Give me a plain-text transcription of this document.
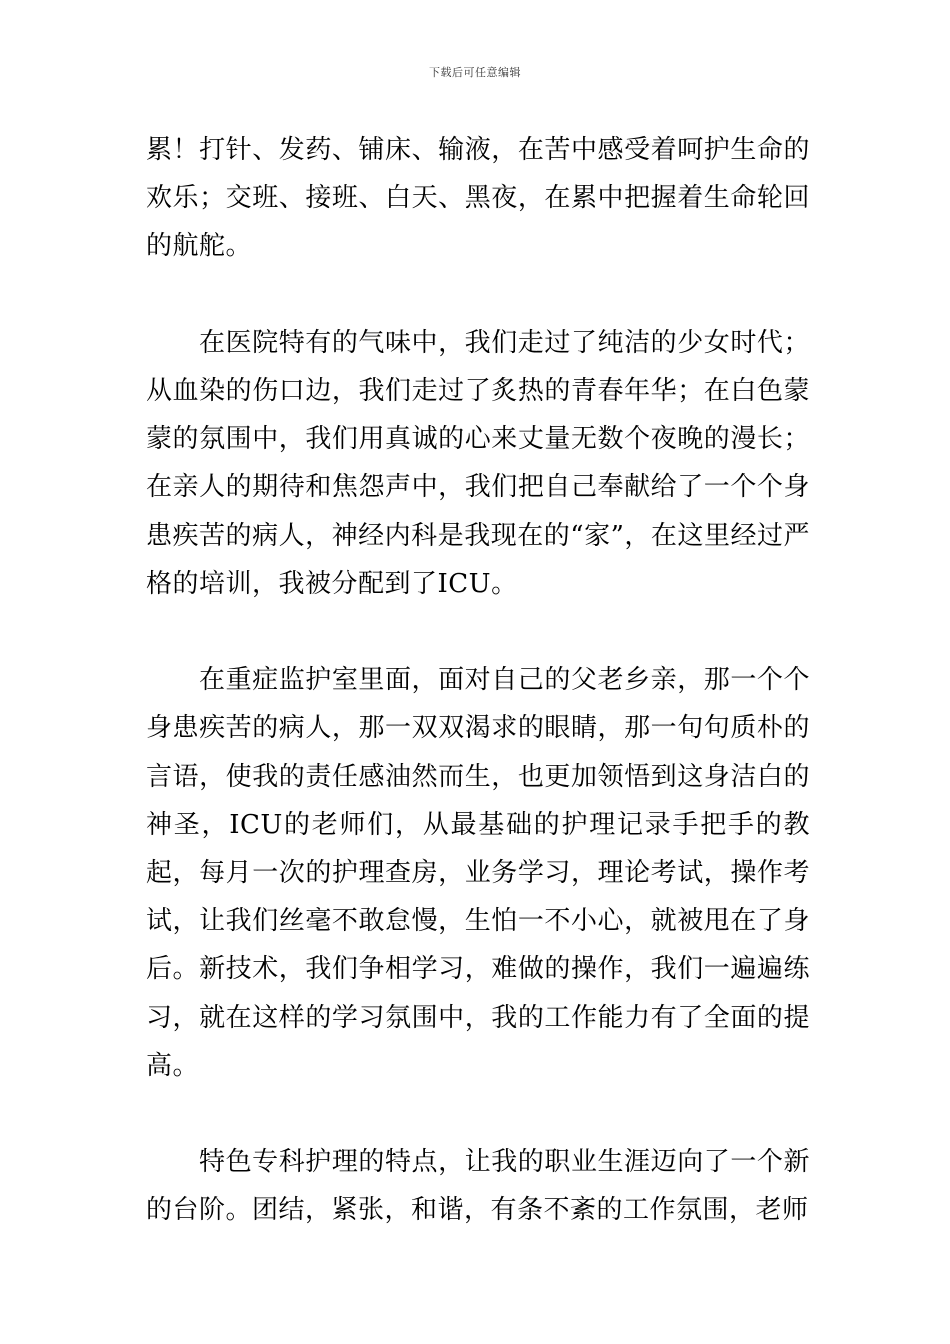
下载后可任意编辑

累！打针、发药、铺床、输液，在苦中感受着呵护生命的欢乐；交班、接班、白天、黑夜，在累中把握着生命轮回的航舵。

在医院特有的气味中，我们走过了纯洁的少女时代；从血染的伤口边，我们走过了炙热的青春年华；在白色蒙蒙的氛围中，我们用真诚的心来丈量无数个夜晚的漫长；在亲人的期待和焦怨声中，我们把自己奉献给了一个个身患疾苦的病人，神经内科是我现在的“家”，在这里经过严格的培训，我被分配到了ICU。

在重症监护室里面，面对自己的父老乡亲，那一个个身患疾苦的病人，那一双双渴求的眼睛，那一句句质朴的言语，使我的责任感油然而生，也更加领悟到这身洁白的神圣，ICU的老师们，从最基础的护理记录手把手的教起，每月一次的护理查房，业务学习，理论考试，操作考试，让我们丝毫不敢怠慢，生怕一不小心，就被甩在了身后。新技术，我们争相学习，难做的操作，我们一遍遍练习，就在这样的学习氛围中，我的工作能力有了全面的提高。

特色专科护理的特点，让我的职业生涯迈向了一个新的台阶。团结，紧张，和谐，有条不紊的工作氛围，老师
